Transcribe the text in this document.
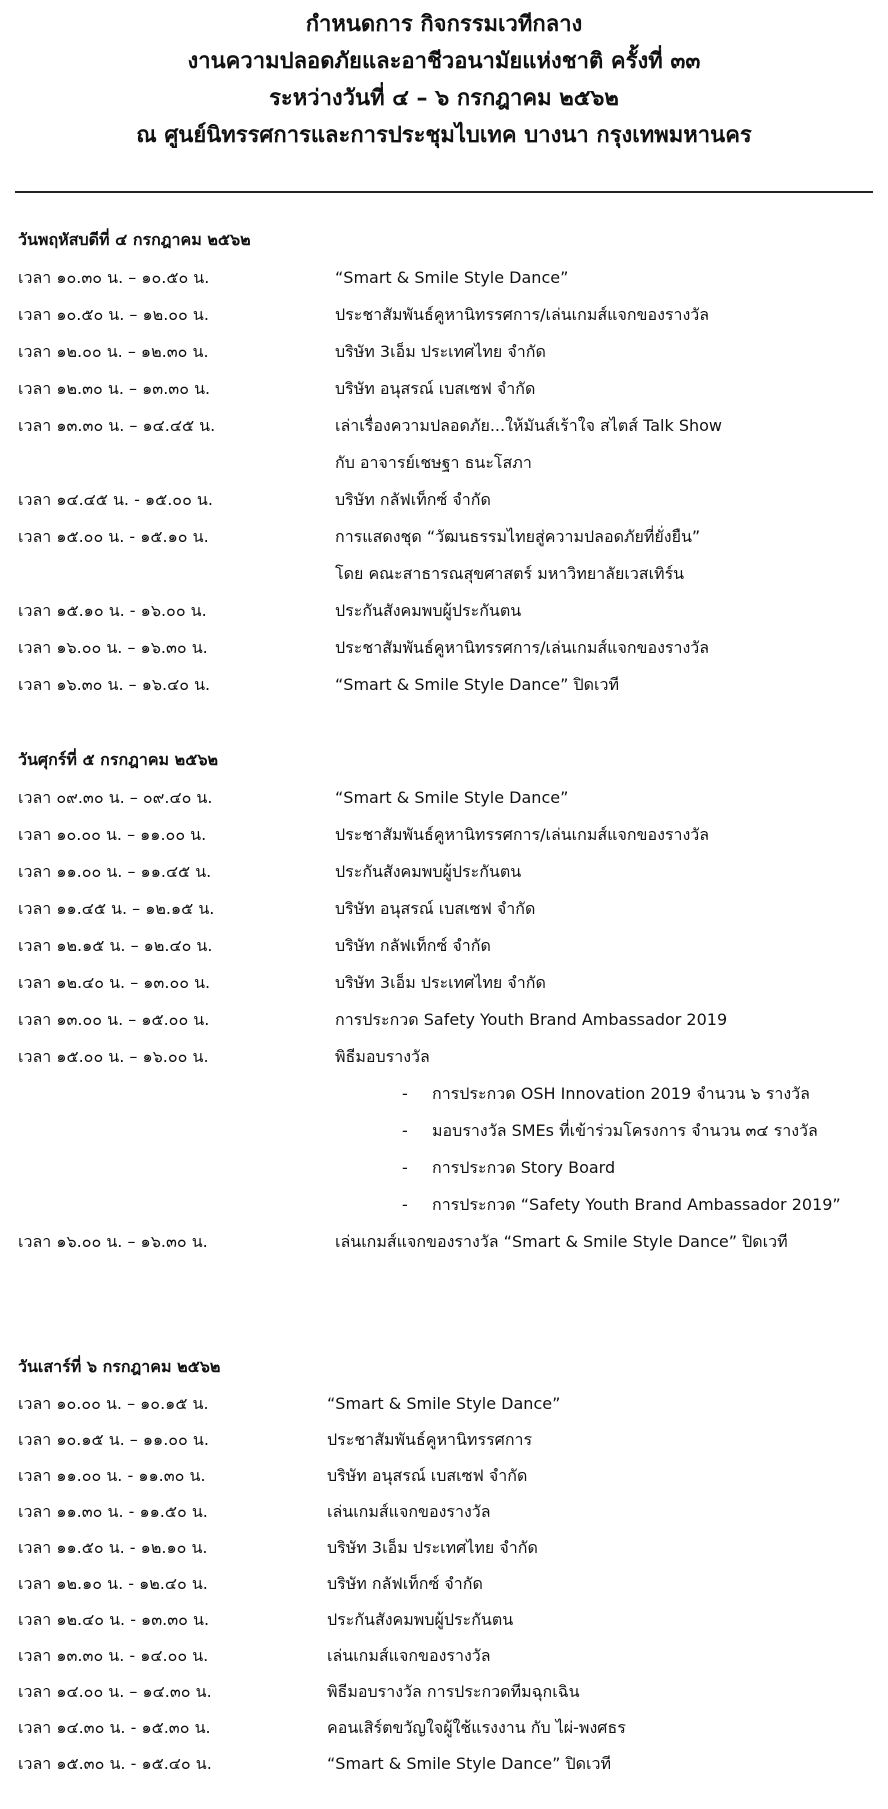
กำหนดการ กิจกรรมเวทีกลาง
งานความปลอดภัยและอาชีวอนามัยแห่งชาติ ครั้งที่ ๓๓
ระหว่างวันที่ ๔ – ๖ กรกฎาคม ๒๕๖๒
ณ ศูนย์นิทรรศการและการประชุมไบเทค บางนา กรุงเทพมหานคร
วันพฤหัสบดีที่ ๔ กรกฎาคม ๒๕๖๒
เวลา ๑๐.๓๐ น. – ๑๐.๕๐ น.	“Smart & Smile Style Dance”
เวลา ๑๐.๕๐ น. – ๑๒.๐๐ น.	ประชาสัมพันธ์คูหานิทรรศการ/เล่นเกมส์แจกของรางวัล
เวลา ๑๒.๐๐ น. – ๑๒.๓๐ น.	บริษัท 3เอ็ม ประเทศไทย จำกัด
เวลา ๑๒.๓๐ น. – ๑๓.๓๐ น.	บริษัท อนุสรณ์ เบสเซฟ จำกัด
เวลา ๑๓.๓๐ น. – ๑๔.๔๕ น.	เล่าเรื่องความปลอดภัย...ให้มันส์เร้าใจ สไตส์ Talk Show
กับ อาจารย์เชษฐา ธนะโสภา
เวลา ๑๔.๔๕ น. - ๑๕.๐๐ น.	บริษัท กลัฟเท็กซ์ จำกัด
เวลา ๑๕.๐๐ น. - ๑๕.๑๐ น.	การแสดงชุด “วัฒนธรรมไทยสู่ความปลอดภัยที่ยั่งยืน”
โดย คณะสาธารณสุขศาสตร์ มหาวิทยาลัยเวสเทิร์น
เวลา ๑๕.๑๐ น. - ๑๖.๐๐ น.	ประกันสังคมพบผู้ประกันตน
เวลา ๑๖.๐๐ น. – ๑๖.๓๐ น.	ประชาสัมพันธ์คูหานิทรรศการ/เล่นเกมส์แจกของรางวัล
เวลา ๑๖.๓๐ น. – ๑๖.๔๐ น.	“Smart & Smile Style Dance” ปิดเวที
วันศุกร์ที่ ๕ กรกฎาคม ๒๕๖๒
เวลา ๐๙.๓๐ น. – ๐๙.๔๐ น.	“Smart & Smile Style Dance”
เวลา ๑๐.๐๐ น. – ๑๑.๐๐ น.	ประชาสัมพันธ์คูหานิทรรศการ/เล่นเกมส์แจกของรางวัล
เวลา ๑๑.๐๐ น. – ๑๑.๔๕ น.	ประกันสังคมพบผู้ประกันตน
เวลา ๑๑.๔๕ น. – ๑๒.๑๕ น.	บริษัท อนุสรณ์ เบสเซฟ จำกัด
เวลา ๑๒.๑๕ น. – ๑๒.๔๐ น.	บริษัท กลัฟเท็กซ์ จำกัด
เวลา ๑๒.๔๐ น. – ๑๓.๐๐ น.	บริษัท 3เอ็ม ประเทศไทย จำกัด
เวลา ๑๓.๐๐ น. – ๑๕.๐๐ น.	การประกวด Safety Youth Brand Ambassador 2019
เวลา ๑๕.๐๐ น. – ๑๖.๐๐ น.	พิธีมอบรางวัล
- การประกวด OSH Innovation 2019 จำนวน ๖ รางวัล
- มอบรางวัล SMEs ที่เข้าร่วมโครงการ จำนวน ๓๔ รางวัล
- การประกวด Story Board
- การประกวด “Safety Youth Brand Ambassador 2019”
เวลา ๑๖.๐๐ น. – ๑๖.๓๐ น.	เล่นเกมส์แจกของรางวัล “Smart & Smile Style Dance” ปิดเวที
วันเสาร์ที่ ๖ กรกฎาคม ๒๕๖๒
เวลา ๑๐.๐๐ น. – ๑๐.๑๕ น.	“Smart & Smile Style Dance”
เวลา ๑๐.๑๕ น. – ๑๑.๐๐ น.	ประชาสัมพันธ์คูหานิทรรศการ
เวลา ๑๑.๐๐ น. - ๑๑.๓๐ น.	บริษัท อนุสรณ์ เบสเซฟ จำกัด
เวลา ๑๑.๓๐ น. - ๑๑.๕๐ น.	เล่นเกมส์แจกของรางวัล
เวลา ๑๑.๕๐ น. - ๑๒.๑๐ น.	บริษัท 3เอ็ม ประเทศไทย จำกัด
เวลา ๑๒.๑๐ น. - ๑๒.๔๐ น.	บริษัท กลัฟเท็กซ์ จำกัด
เวลา ๑๒.๔๐ น. - ๑๓.๓๐ น.	ประกันสังคมพบผู้ประกันตน
เวลา ๑๓.๓๐ น. - ๑๔.๐๐ น.	เล่นเกมส์แจกของรางวัล
เวลา ๑๔.๐๐ น. – ๑๔.๓๐ น.	พิธีมอบรางวัล การประกวดทีมฉุกเฉิน
เวลา ๑๔.๓๐ น. - ๑๕.๓๐ น.	คอนเสิร์ตขวัญใจผู้ใช้แรงงาน กับ ไผ่-พงศธร
เวลา ๑๕.๓๐ น. - ๑๕.๔๐ น.	“Smart & Smile Style Dance” ปิดเวที
